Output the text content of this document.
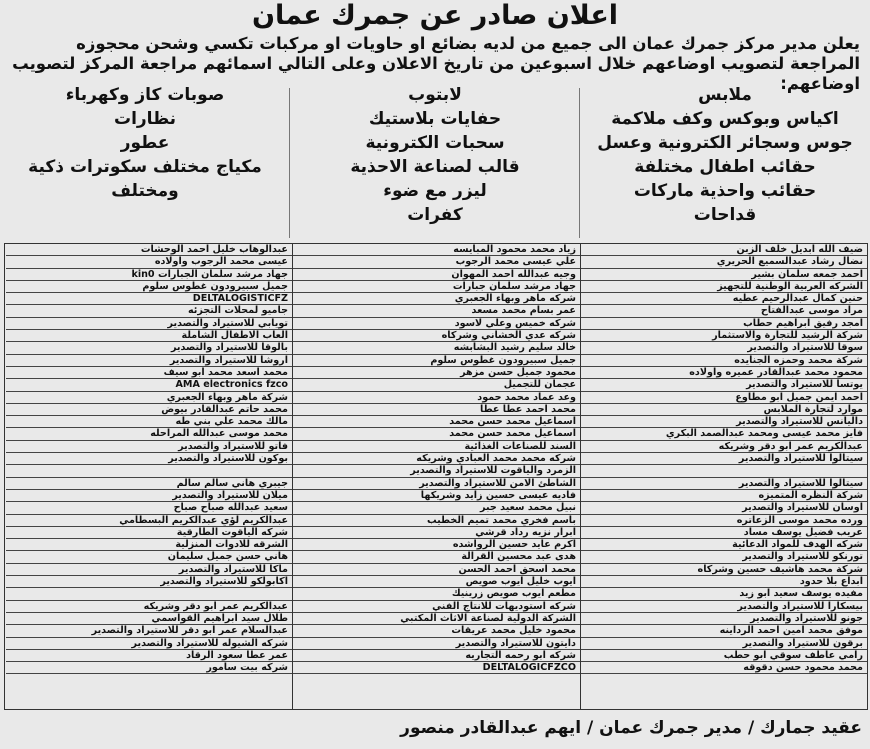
اعلان صادر عن جمرك عمان
يعلن مدير مركز جمرك عمان الى جميع من لديه بضائع او حاويات او مركبات تكسي وشحن محجوزه المراجعة لتصويب اوضاعهم خلال اسبوعين من تاريخ الاعلان وعلى التالي اسمائهم مراجعة المركز لتصويب اوضاعهم:
ملابس
اكياس وبوكس وكف ملاكمة
جوس وسجائر الكترونية وعسل
حقائب اطفال مختلفة
حقائب واحذية ماركات
قداحات
لابتوب
حفايات بلاستيك
سحبات الكترونية
قالب لصناعة الاحذية
ليزر مع ضوء
كفرات
صوبات كاز وكهرباء
نظارات
عطور
مكياج مختلف سكوترات ذكية
ومختلف
ضيف الله ابديل خلف الزبن
نضال رشاد عبدالسميع الحريري
احمد جمعه سلمان بشير
الشركه العربية الوطنية للتجهيز
حنين كمال عبدالرحيم عطيه
مراد موسى عبدالفتاح
امجد رفيق ابراهيم حطاب
شركة الرشيد للتجارة والاستثمار
سوقا للاستيراد والتصدير
شركة محمد وحمزه الجنايده
محمود محمد عبدالقادر عميره واولاده
يوتسا للاستيراد والتصدير
احمد ايمن جميل ابو مطاوع
موارد لتجارة الملابس
داليانس للاستيراد والتصدير
فايز محمد عيسى ومحمد عبدالصمد البكري
عبدالكريم عمر ابو دقر وشريكه
سيتالوا للاستيراد والتصدير
سيتالوا للاستيراد والتصدير
شركة النظره المتميزه
اوسان للاستيراد والتصدير
ورده محمد موسى الزعاتره
عريب فضيل يوسف مساد
شركه الهدف للمواد الدعائية
تورنكو للاستيراد والتصدير
شركة محمد هاشيف حسين وشركاه
ابداع بلا حدود
مفيده يوسف سعيد ابو زيد
بيسكارا للاستيراد والتصدير
جونو للاستيراد والتصدير
موفق محمد امين احمد الرداينه
برقون للاستيراد والتصدير
رامي عاطف سوقي ابو حطب
محمد محمود حسن دقوقه
زياد محمد محمود المبايسه
علي عيسى محمد الرجوب
وجيه عبدالله احمد المهوان
جهاد مرشد سلمان جبارات
شركه ماهر وبهاء الجعبري
عمر بسام محمد مسعد
شركه خميس وعلي لاسود
شركه عدي الخشاني وشركاه
خالد سليم رشيد البشابشه
جميل سبيرودون غطوس سلوم
محمود جميل حسن مزهر
عجمان للتجميل
وعد عماد محمد حمود
محمد احمد عطا عطا
اسماعيل محمد حسن محمد
اسماعيل محمد حسن محمد
السند للصناعات الغذائية
شركه محمد محمد العبادي وشريكه
الزمرد والياقوت للاستيراد والتصدير
الشاطئ الامن للاستيراد والتصدير
فاديه عيسى حسين زايد وشريكها
نبيل محمد سعيد جبر
باسم فخري محمد تميم الخطيب
ابرار نزيه رداد قرشي
اكرم عايد حسين الرواشده
هدى عبد محسين القرالة
محمد اسحق احمد الحسن
ايوب خليل ايوب صويص
مطعم ايوب صويص زرينيك
شركه استوديهات للانتاج الفني
الشركة الدولية لصناعة الاثاث المكتبي
محمود خليل محمد عريقات
دايتون للاستيراد والتصدير
شركه ابو رحمه التجاريه
DELTALOGICFZCO
عبدالوهاب خليل احمد الوحشات
عيسى محمد الرجوب واولاده
جهاد مرشد سلمان الجبارات kin0
جميل سبيرودون غطوس سلوم
DELTALOGISTICFZ
جاميو لمحلات التجزئه
تويابي للاستيراد والتصدير
العاب الاطفال الشاملة
بالوقا للاستيراد والتصدير
اروشا للاستيراد والتصدير
محمد اسعد محمد ابو سيف
AMA electronics fzco
شركة ماهر وبهاء الجعبري
محمد حاتم عبدالقادر بيوض
مالك محمد علي بني طه
محمد موسى عبدالله المراحله
فاتو للاستيراد والتصدير
بوكون للاستيراد والتصدير
جيبري هاني سالم سالم
ميلان للاستيراد والتصدير
سعيد عبدالله صباح صباح
عبدالكريم لؤي عبدالكريم البسطامي
شركه الياقوت الطارقية
الشرقه للادوات المنزلية
هاني حسن جميل سليمان
ماكا للاستيراد والتصدير
اكابولكو للاستيراد والتصدير
عبدالكريم عمر ابو دقر وشريكه
طلال سيد ابراهيم القواسمي
عبدالسلام عمر ابو دقر للاستيراد والتصدير
شركه الشيوله للاستيراد والتصدير
عمر عطا سعود الرقاد
شركه بيت سامور
عقيد جمارك / مدير جمرك عمان / ايهم عبدالقادر منصور
